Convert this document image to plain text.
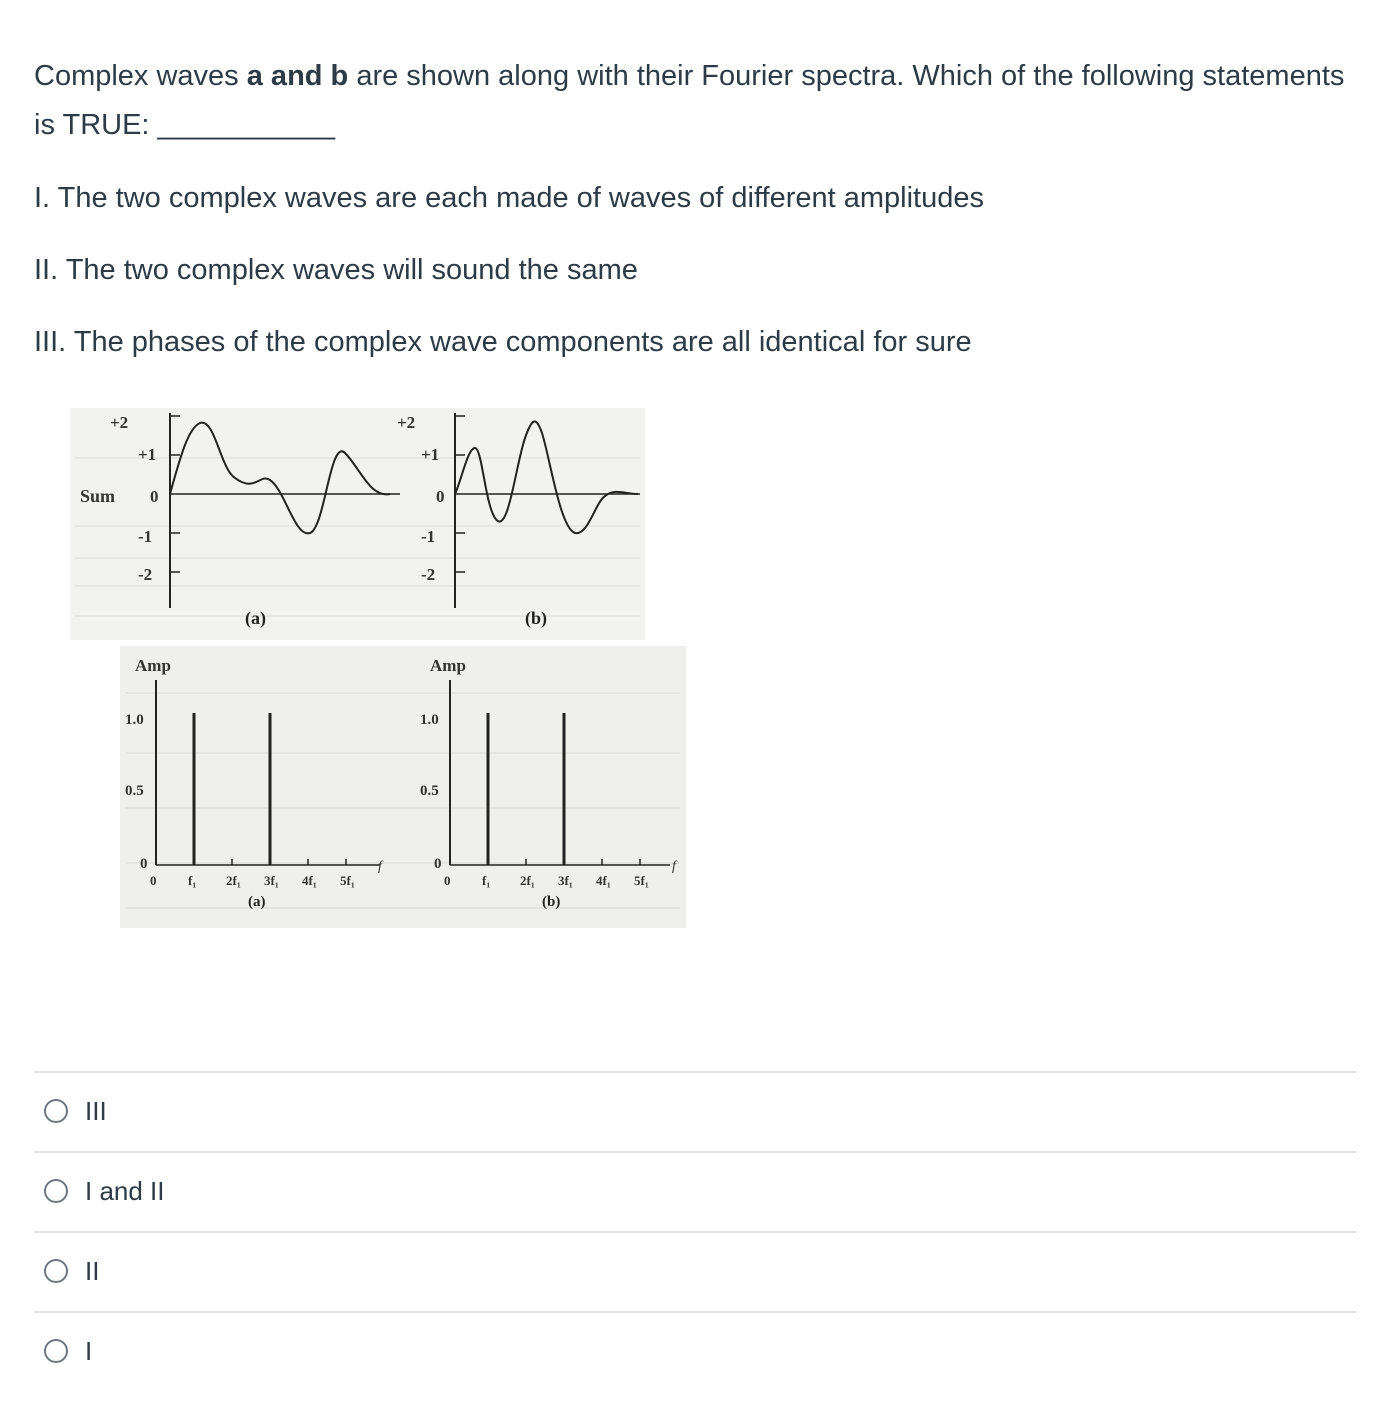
Complex waves a and b are shown along with their Fourier spectra. Which of the following statements is TRUE: ___________

I. The two complex waves are each made of waves of different amplitudes
II. The two complex waves will sound the same
III. The phases of the complex wave components are all identical for sure
+2
+1
Sum 0
-1
-2
(a)
+2
+1
0
-1
-2
(b)
Amp
1.0
0.5
0
0 f₁ 2f₁ 3f₁ 4f₁ 5f₁
f
(a)
Amp
1.0
0.5
0
0 f₁ 2f₁ 3f₁ 4f₁ 5f₁
f
(b)
III
I and II
II
I
